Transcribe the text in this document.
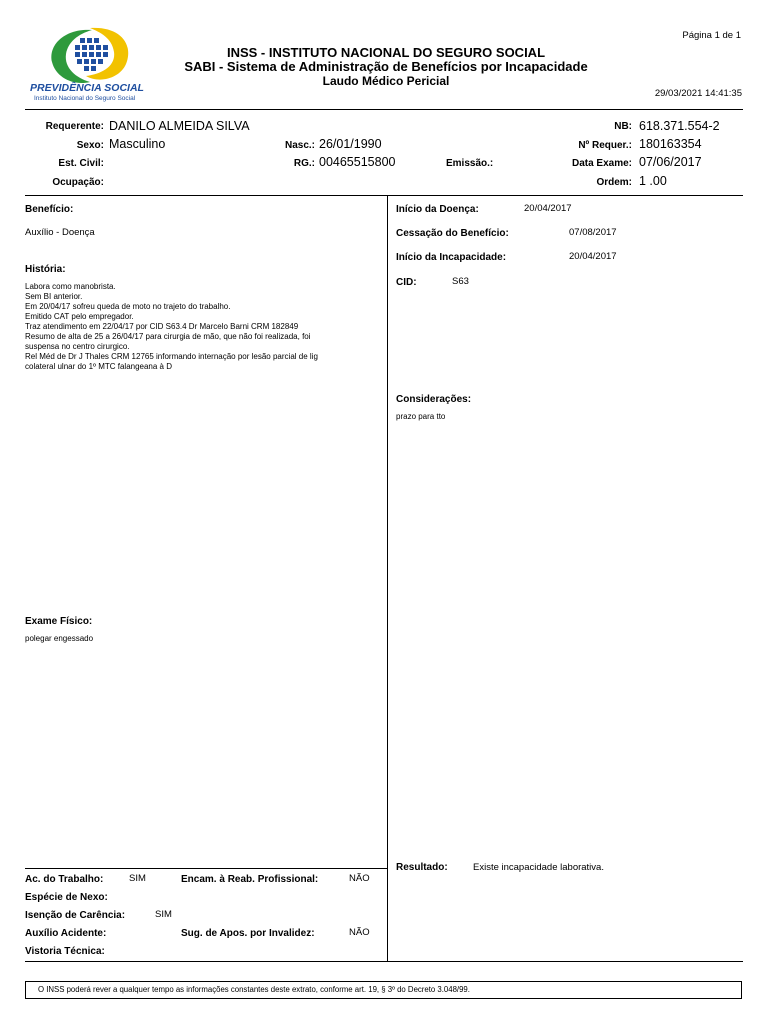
Página 1 de 1
PREVIDÊNCIA SOCIAL
Instituto Nacional do Seguro Social
INSS - INSTITUTO NACIONAL DO SEGURO SOCIAL
SABI - Sistema de Administração de Benefícios por Incapacidade
Laudo Médico Pericial
29/03/2021 14:41:35
Requerente: DANILO ALMEIDA SILVA
Sexo: Masculino	Nasc.: 26/01/1990
Est. Civil:	RG.: 00465515800	Emissão.:
Ocupação:
NB: 618.371.554-2
Nº Requer.: 180163354
Data Exame: 07/06/2017
Ordem: 1 .00
Benefício:
Auxílio - Doença
História:
Labora como manobrista.
Sem BI anterior.
Em 20/04/17 sofreu queda de moto no trajeto do trabalho.
Emitido CAT pelo empregador.
Traz atendimento em 22/04/17 por CID S63.4 Dr Marcelo Barni CRM 182849
Resumo de alta de 25 a 26/04/17 para cirurgia de mão, que não foi realizada, foi
suspensa no centro cirurgico.
Rel Méd de Dr J Thales CRM 12765 informando internação por lesão parcial de lig
colateral ulnar do 1º MTC falangeana à D
Exame Físico:
polegar engessado
Início da Doença:	20/04/2017
Cessação do Benefício:	07/08/2017
Início da Incapacidade:	20/04/2017
CID:	S63
Considerações:
prazo para tto
Resultado:	Existe incapacidade laborativa.
Ac. do Trabalho:	SIM	Encam. à Reab. Profissional:	NÃO
Espécie de Nexo:
Isenção de Carência:	SIM
Auxílio Acidente:	Sug. de Apos. por Invalidez:	NÃO
Vistoria Técnica:
O INSS poderá rever a qualquer tempo as informações constantes deste extrato, conforme art. 19, § 3º do Decreto 3.048/99.
